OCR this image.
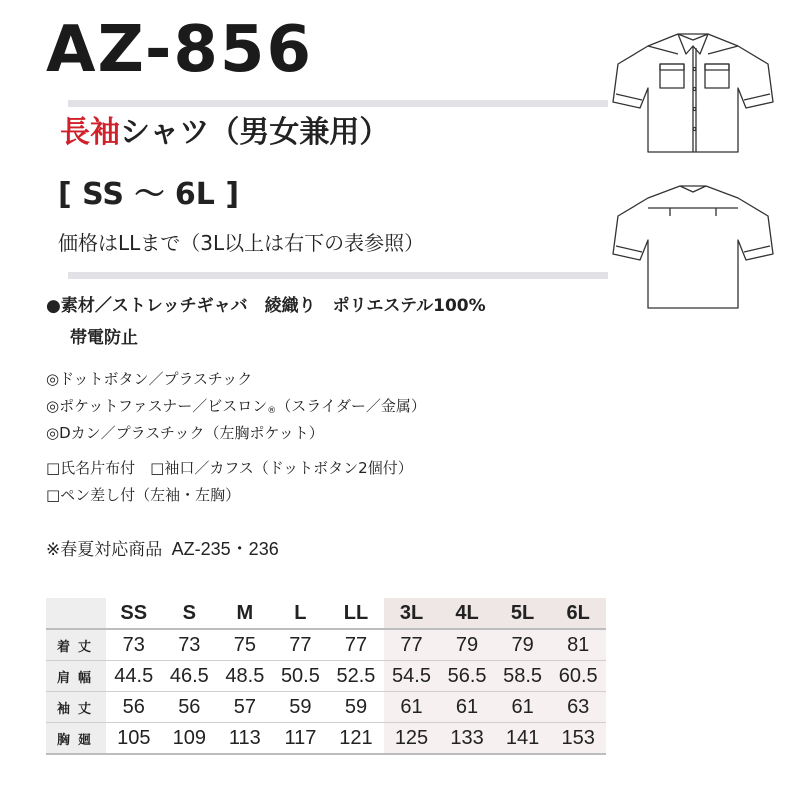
AZ-856
長袖シャツ（男女兼用）
[ SS ～ 6L ]
価格はLLまで（3L以上は右下の表参照）
●素材／ストレッチギャバ　綾織り　ポリエステル100%
帯電防止
◎ドットボタン／プラスチック
◎ポケットファスナー／ビスロン®（スライダー／金属）
◎Dカン／プラスチック（左胸ポケット）
□氏名片布付　□袖口／カフス（ドットボタン2個付）
□ペン差し付（左袖・左胸）
※春夏対応商品 AZ-235・236
	SS	S	M	L	LL	3L	4L	5L	6L
着丈	73	73	75	77	77	77	79	79	81
肩幅	44.5	46.5	48.5	50.5	52.5	54.5	56.5	58.5	60.5
袖丈	56	56	57	59	59	61	61	61	63
胸廻	105	109	113	117	121	125	133	141	153
